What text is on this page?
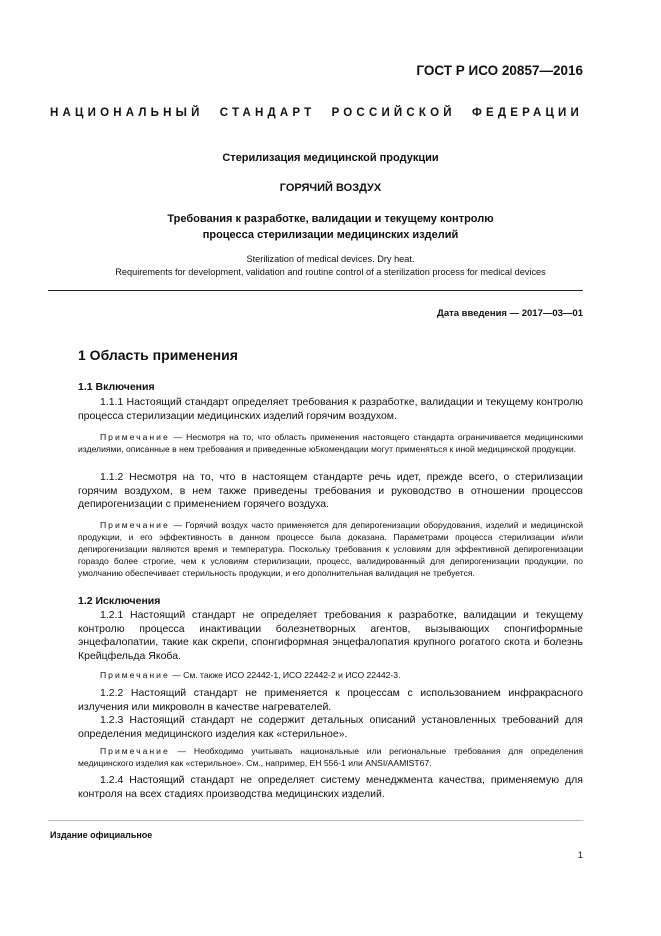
ГОСТ Р ИСО 20857—2016
НАЦИОНАЛЬНЫЙ СТАНДАРТ РОССИЙСКОЙ ФЕДЕРАЦИИ
Стерилизация медицинской продукции
ГОРЯЧИЙ ВОЗДУХ
Требования к разработке, валидации и текущему контролю
процесса стерилизации медицинских изделий
Sterilization of medical devices. Dry heat.
Requirements for development, validation and routine control of a sterilization process for medical devices
Дата введения — 2017—03—01
1 Область применения
1.1 Включения
1.1.1 Настоящий стандарт определяет требования к разработке, валидации и текущему контролю процесса стерилизации медицинских изделий горячим воздухом.
Примечание — Несмотря на то, что область применения настоящего стандарта ограничивается медицинскими изделиями, описанные в нем требования и приведенные ю5комендации могут применяться к иной медицинской продукции.
1.1.2 Несмотря на то, что в настоящем стандарте речь идет, прежде всего, о стерилизации горячим воздухом, в нем также приведены требования и руководство в отношении процессов депирогенизации с применением горячего воздуха.
Примечание — Горячий воздух часто применяется для депирогенизации оборудования, изделий и медицинской продукции, и его эффективность в данном процессе была доказана. Параметрами процесса стерилизации и/или депирогенизации являются время и температура. Поскольку требования к условиям для эффективной депирогенизации гораздо более строгие, чем к условиям стерилизации, процесс, валидированный для депирогенизации продукции, по умолчанию обеспечивает стерильность продукции, и его дополнительная валидация не требуется.
1.2 Исключения
1.2.1 Настоящий стандарт не определяет требования к разработке, валидации и текущему контролю процесса инактивации болезнетворных агентов, вызывающих спонгиформные энцефалопатии, такие как скрепи, спонгиформная энцефалопатия крупного рогатого скота и болезнь Крейцфельда Якоба.
Примечание — См. также ИСО 22442-1, ИСО 22442-2 и ИСО 22442-3.
1.2.2 Настоящий стандарт не применяется к процессам с использованием инфракрасного излучения или микроволн в качестве нагревателей.
1.2.3 Настоящий стандарт не содержит детальных описаний установленных требований для определения медицинского изделия как «стерильное».
Примечание — Необходимо учитывать национальные или региональные требования для определения медицинского изделия как «стерильное». См., например, ЕН 556-1 или ANSI/AAMIST67.
1.2.4 Настоящий стандарт не определяет систему менеджмента качества, применяемую для контроля на всех стадиях производства медицинских изделий.
Издание официальное
1
